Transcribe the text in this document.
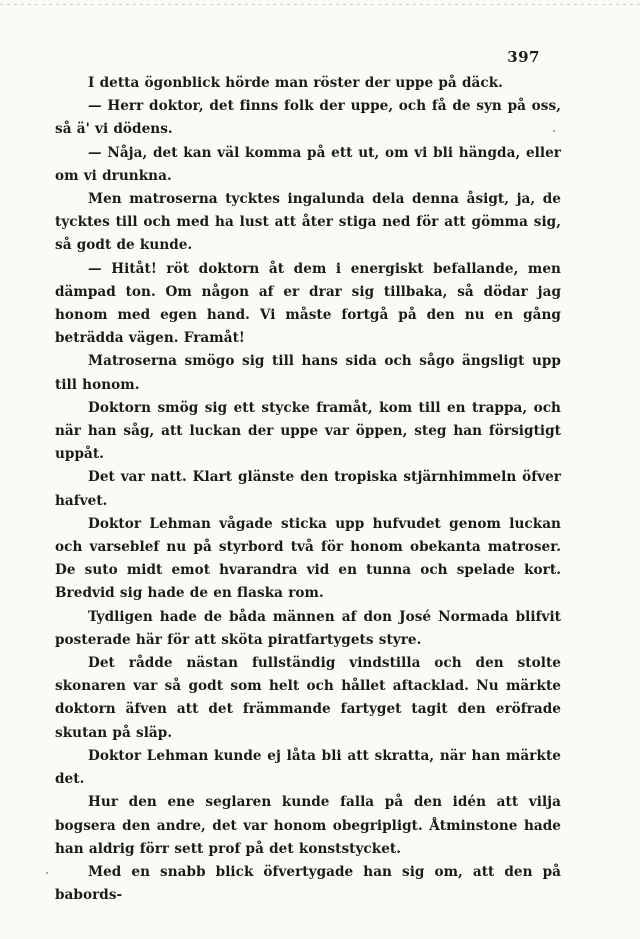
397

I detta ögonblick hörde man röster der uppe på däck.

— Herr doktor, det finns folk der uppe, och få de syn på oss, så ä' vi dödens.

— Nåja, det kan väl komma på ett ut, om vi bli hängda, eller om vi drunkna.

Men matroserna tycktes ingalunda dela denna åsigt, ja, de tycktes till och med ha lust att åter stiga ned för att gömma sig, så godt de kunde.

— Hitåt! röt doktorn åt dem i energiskt befallande, men dämpad ton. Om någon af er drar sig tillbaka, så dödar jag honom med egen hand. Vi måste fortgå på den nu en gång beträdda vägen. Framåt!

Matroserna smögo sig till hans sida och sågo ängsligt upp till honom.

Doktorn smög sig ett stycke framåt, kom till en trappa, och när han såg, att luckan der uppe var öppen, steg han försigtigt uppåt.

Det var natt. Klart glänste den tropiska stjärnhimmeln öfver hafvet.

Doktor Lehman vågade sticka upp hufvudet genom luckan och varseblef nu på styrbord två för honom obekanta matroser. De suto midt emot hvarandra vid en tunna och spelade kort. Bredvid sig hade de en flaska rom.

Tydligen hade de båda männen af don José Normada blifvit posterade här för att sköta piratfartygets styre.

Det rådde nästan fullständig vindstilla och den stolte skonaren var så godt som helt och hållet aftacklad. Nu märkte doktorn äfven att det främmande fartyget tagit den eröfrade skutan på släp.

Doktor Lehman kunde ej låta bli att skratta, när han märkte det.

Hur den ene seglaren kunde falla på den idén att vilja bogsera den andre, det var honom obegripligt. Åtminstone hade han aldrig förr sett prof på det konststycket.

Med en snabb blick öfvertygade han sig om, att den på babords-
